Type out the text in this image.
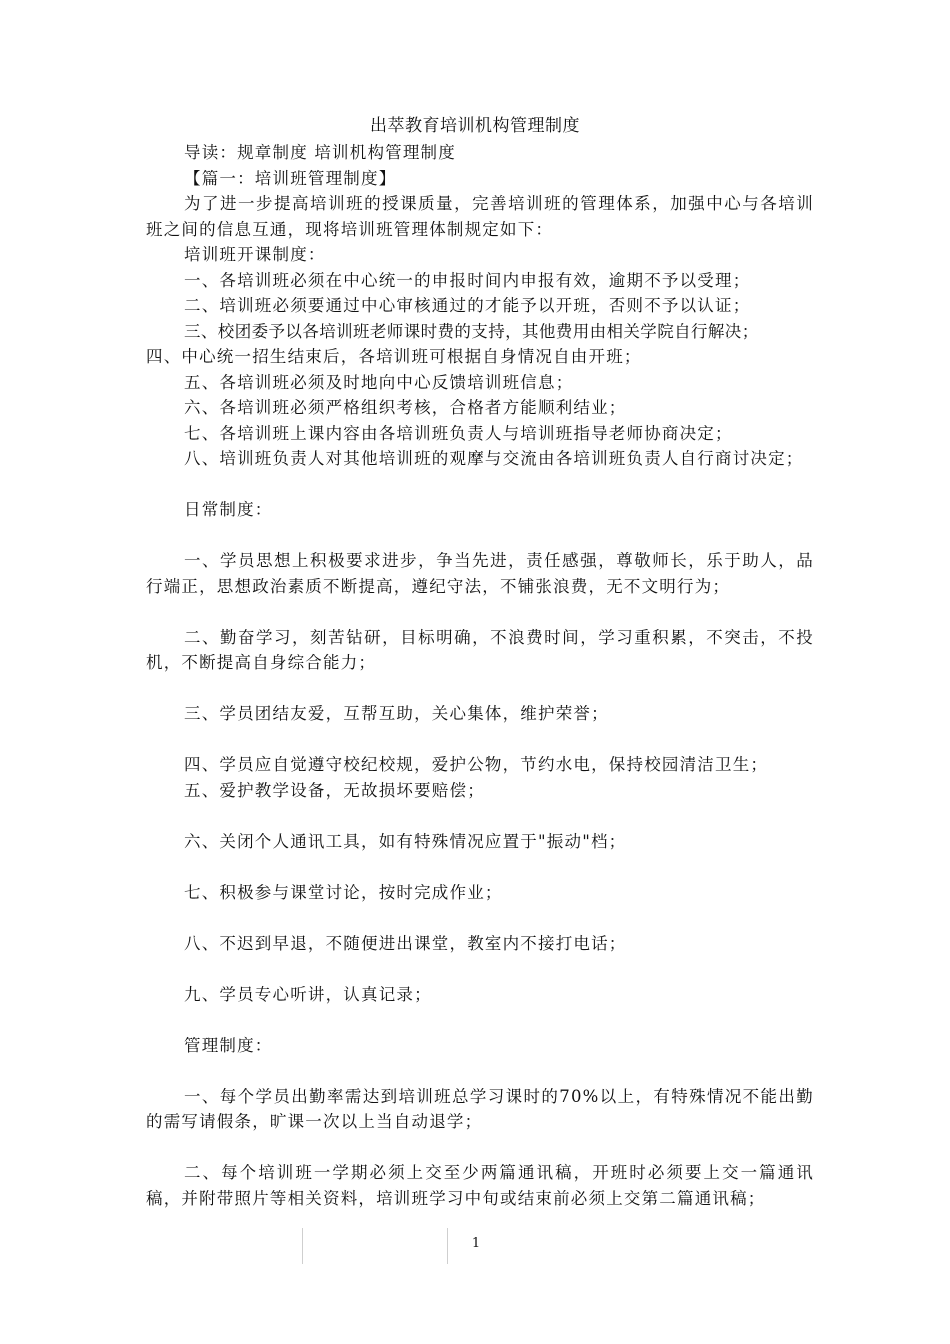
出萃教育培训机构管理制度

导读：规章制度 培训机构管理制度

【篇一：培训班管理制度】

为了进一步提高培训班的授课质量，完善培训班的管理体系，加强中心与各培训班之间的信息互通，现将培训班管理体制规定如下：

培训班开课制度：

一、各培训班必须在中心统一的申报时间内申报有效，逾期不予以受理；

二、培训班必须要通过中心审核通过的才能予以开班，否则不予以认证；

三、校团委予以各培训班老师课时费的支持，其他费用由相关学院自行解决；

四、中心统一招生结束后，各培训班可根据自身情况自由开班；

五、各培训班必须及时地向中心反馈培训班信息；

六、各培训班必须严格组织考核，合格者方能顺利结业；

七、各培训班上课内容由各培训班负责人与培训班指导老师协商决定；

八、培训班负责人对其他培训班的观摩与交流由各培训班负责人自行商讨决定；

日常制度：

一、学员思想上积极要求进步，争当先进，责任感强，尊敬师长，乐于助人，品行端正，思想政治素质不断提高，遵纪守法，不铺张浪费，无不文明行为；

二、勤奋学习，刻苦钻研，目标明确，不浪费时间，学习重积累，不突击，不投机，不断提高自身综合能力；

三、学员团结友爱，互帮互助，关心集体，维护荣誉；

四、学员应自觉遵守校纪校规，爱护公物，节约水电，保持校园清洁卫生；

五、爱护教学设备，无故损坏要赔偿；

六、关闭个人通讯工具，如有特殊情况应置于"振动"档；

七、积极参与课堂讨论，按时完成作业；

八、不迟到早退，不随便进出课堂，教室内不接打电话；

九、学员专心听讲，认真记录；

管理制度：

一、每个学员出勤率需达到培训班总学习课时的70%以上，有特殊情况不能出勤的需写请假条，旷课一次以上当自动退学；

二、每个培训班一学期必须上交至少两篇通讯稿，开班时必须要上交一篇通讯稿，并附带照片等相关资料，培训班学习中旬或结束前必须上交第二篇通讯稿；

1
